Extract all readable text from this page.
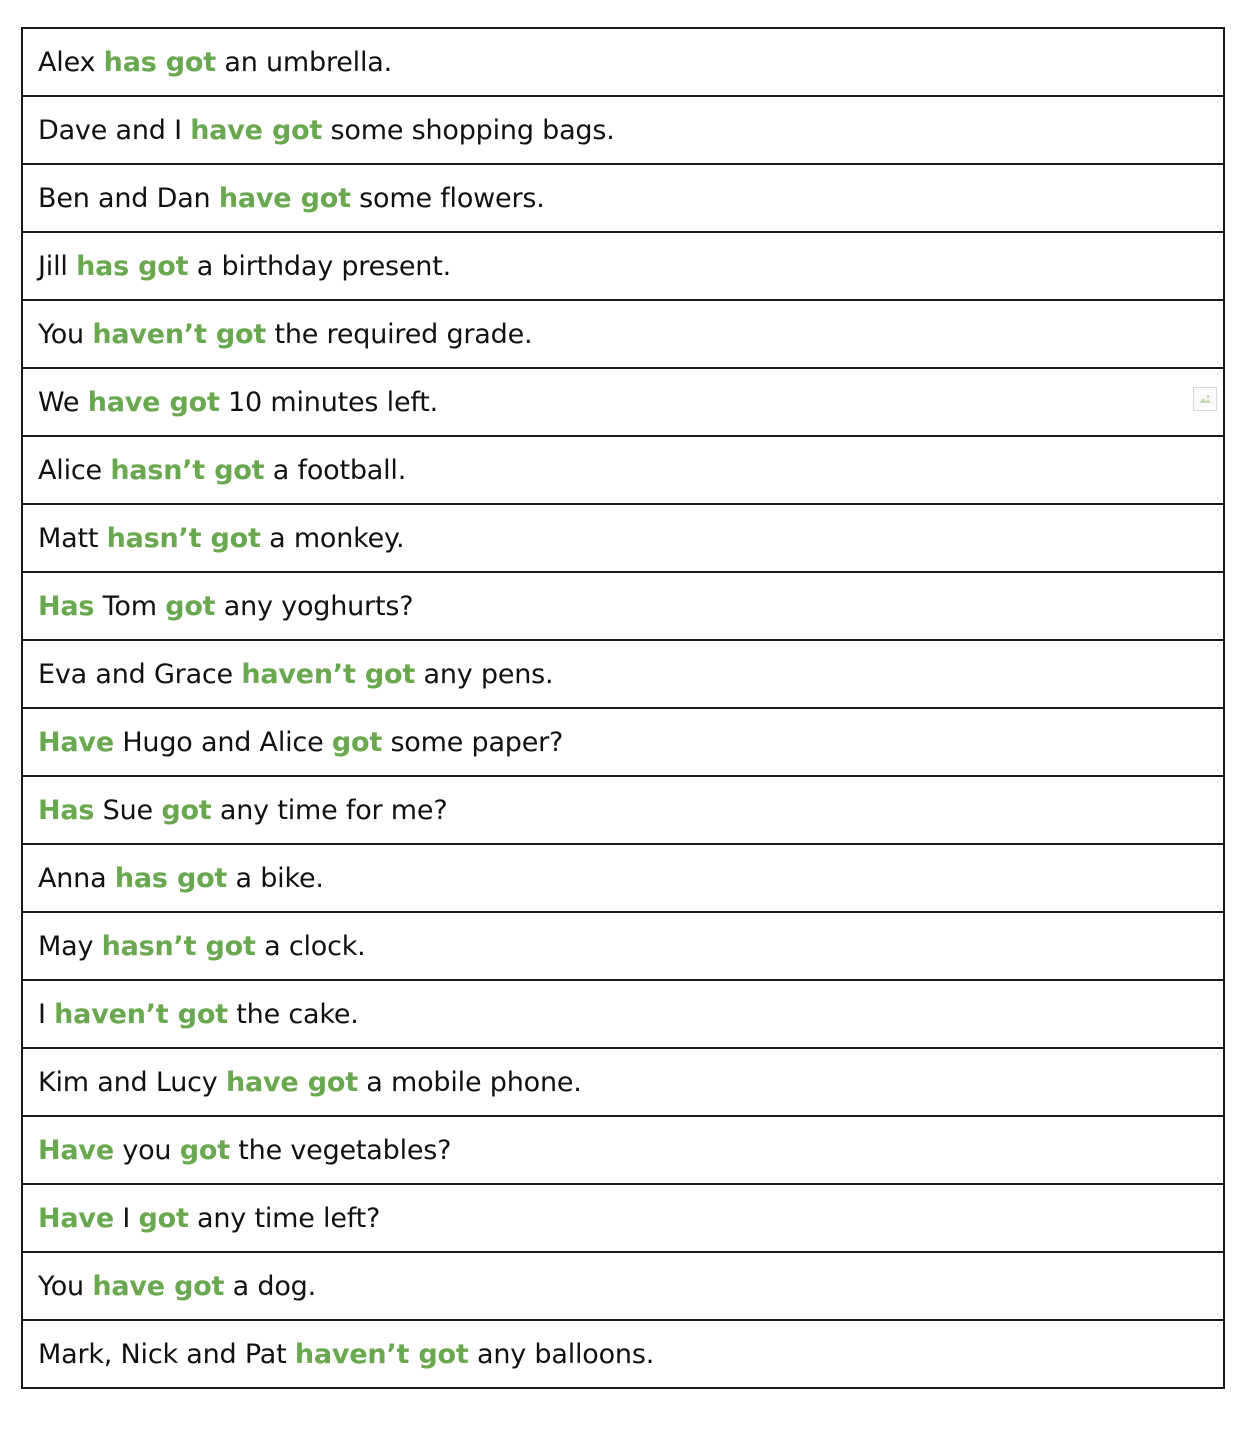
Alex has got an umbrella.
Dave and I have got some shopping bags.
Ben and Dan have got some flowers.
Jill has got a birthday present.
You haven’t got the required grade.
We have got 10 minutes left.

Alice hasn’t got a football.
Matt hasn’t got a monkey.
Has Tom got any yoghurts?
Eva and Grace haven’t got any pens.
Have Hugo and Alice got some paper?
Has Sue got any time for me?
Anna has got a bike.
May hasn’t got a clock.
I haven’t got the cake.
Kim and Lucy have got a mobile phone.
Have you got the vegetables?
Have I got any time left?
You have got a dog.
Mark, Nick and Pat haven’t got any balloons.
